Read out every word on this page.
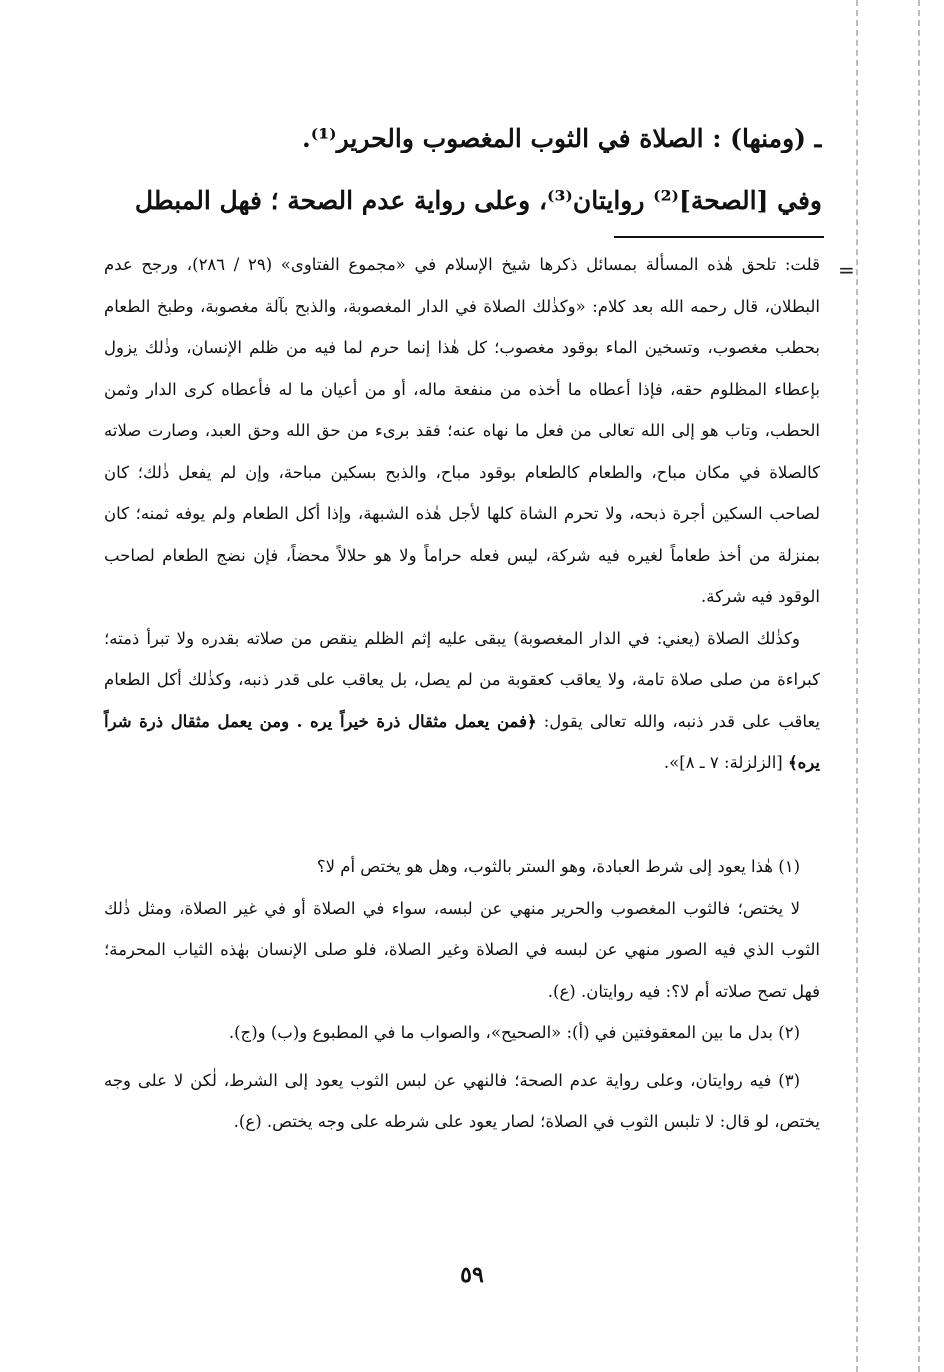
ـ (ومنها) : الصلاة في الثوب المغصوب والحرير⁽¹⁾.
وفي [الصحة]⁽²⁾ روايتان⁽³⁾، وعلى رواية عدم الصحة ؛ فهل المبطل
=

قلت: تلحق هٰذه المسألة بمسائل ذكرها شيخ الإسلام في «مجموع الفتاوى» (٢٩ / ٢٨٦)، ورجح عدم البطلان، قال رحمه الله بعد كلام: «وكذٰلك الصلاة في الدار المغصوبة، والذبح بآلة مغصوبة، وطبخ الطعام بحطب مغصوب، وتسخين الماء بوقود مغصوب؛ كل هٰذا إنما حرم لما فيه من ظلم الإنسان، وذٰلك يزول بإعطاء المظلوم حقه، فإذا أعطاه ما أخذه من منفعة ماله، أو من أعيان ما له فأعطاه كرى الدار وثمن الحطب، وتاب هو إلى الله تعالى من فعل ما نهاه عنه؛ فقد برىء من حق الله وحق العبد، وصارت صلاته كالصلاة في مكان مباح، والطعام كالطعام بوقود مباح، والذبح بسكين مباحة، وإن لم يفعل ذٰلك؛ كان لصاحب السكين أجرة ذبحه، ولا تحرم الشاة كلها لأجل هٰذه الشبهة، وإذا أكل الطعام ولم يوفه ثمنه؛ كان بمنزلة من أخذ طعاماً لغيره فيه شركة، ليس فعله حراماً ولا هو حلالاً محضاً، فإن نضج الطعام لصاحب الوقود فيه شركة.

وكذٰلك الصلاة (يعني: في الدار المغصوبة) يبقى عليه إثم الظلم ينقص من صلاته بقدره ولا تبرأ ذمته؛ كبراءة من صلى صلاة تامة، ولا يعاقب كعقوبة من لم يصل، بل يعاقب على قدر ذنبه، وكذٰلك أكل الطعام يعاقب على قدر ذنبه، والله تعالى يقول: ﴿فمن يعمل مثقال ذرة خيراً يره . ومن يعمل مثقال ذرة شراً يره﴾ [الزلزلة: ٧ ـ ٨]».

(١) هٰذا يعود إلى شرط العبادة، وهو الستر بالثوب، وهل هو يختص أم لا؟

لا يختص؛ فالثوب المغصوب والحرير منهي عن لبسه، سواء في الصلاة أو في غير الصلاة، ومثل ذٰلك الثوب الذي فيه الصور منهي عن لبسه في الصلاة وغير الصلاة، فلو صلى الإنسان بهٰذه الثياب المحرمة؛ فهل تصح صلاته أم لا؟: فيه روايتان. (ع).

(٢) بدل ما بين المعقوفتين في (أ): «الصحيح»، والصواب ما في المطبوع و(ب) و(ج).

(٣) فيه روايتان، وعلى رواية عدم الصحة؛ فالنهي عن لبس الثوب يعود إلى الشرط، لٰكن لا على وجه يختص، لو قال: لا تلبس الثوب في الصلاة؛ لصار يعود على شرطه على وجه يختص. (ع).

٥٩
